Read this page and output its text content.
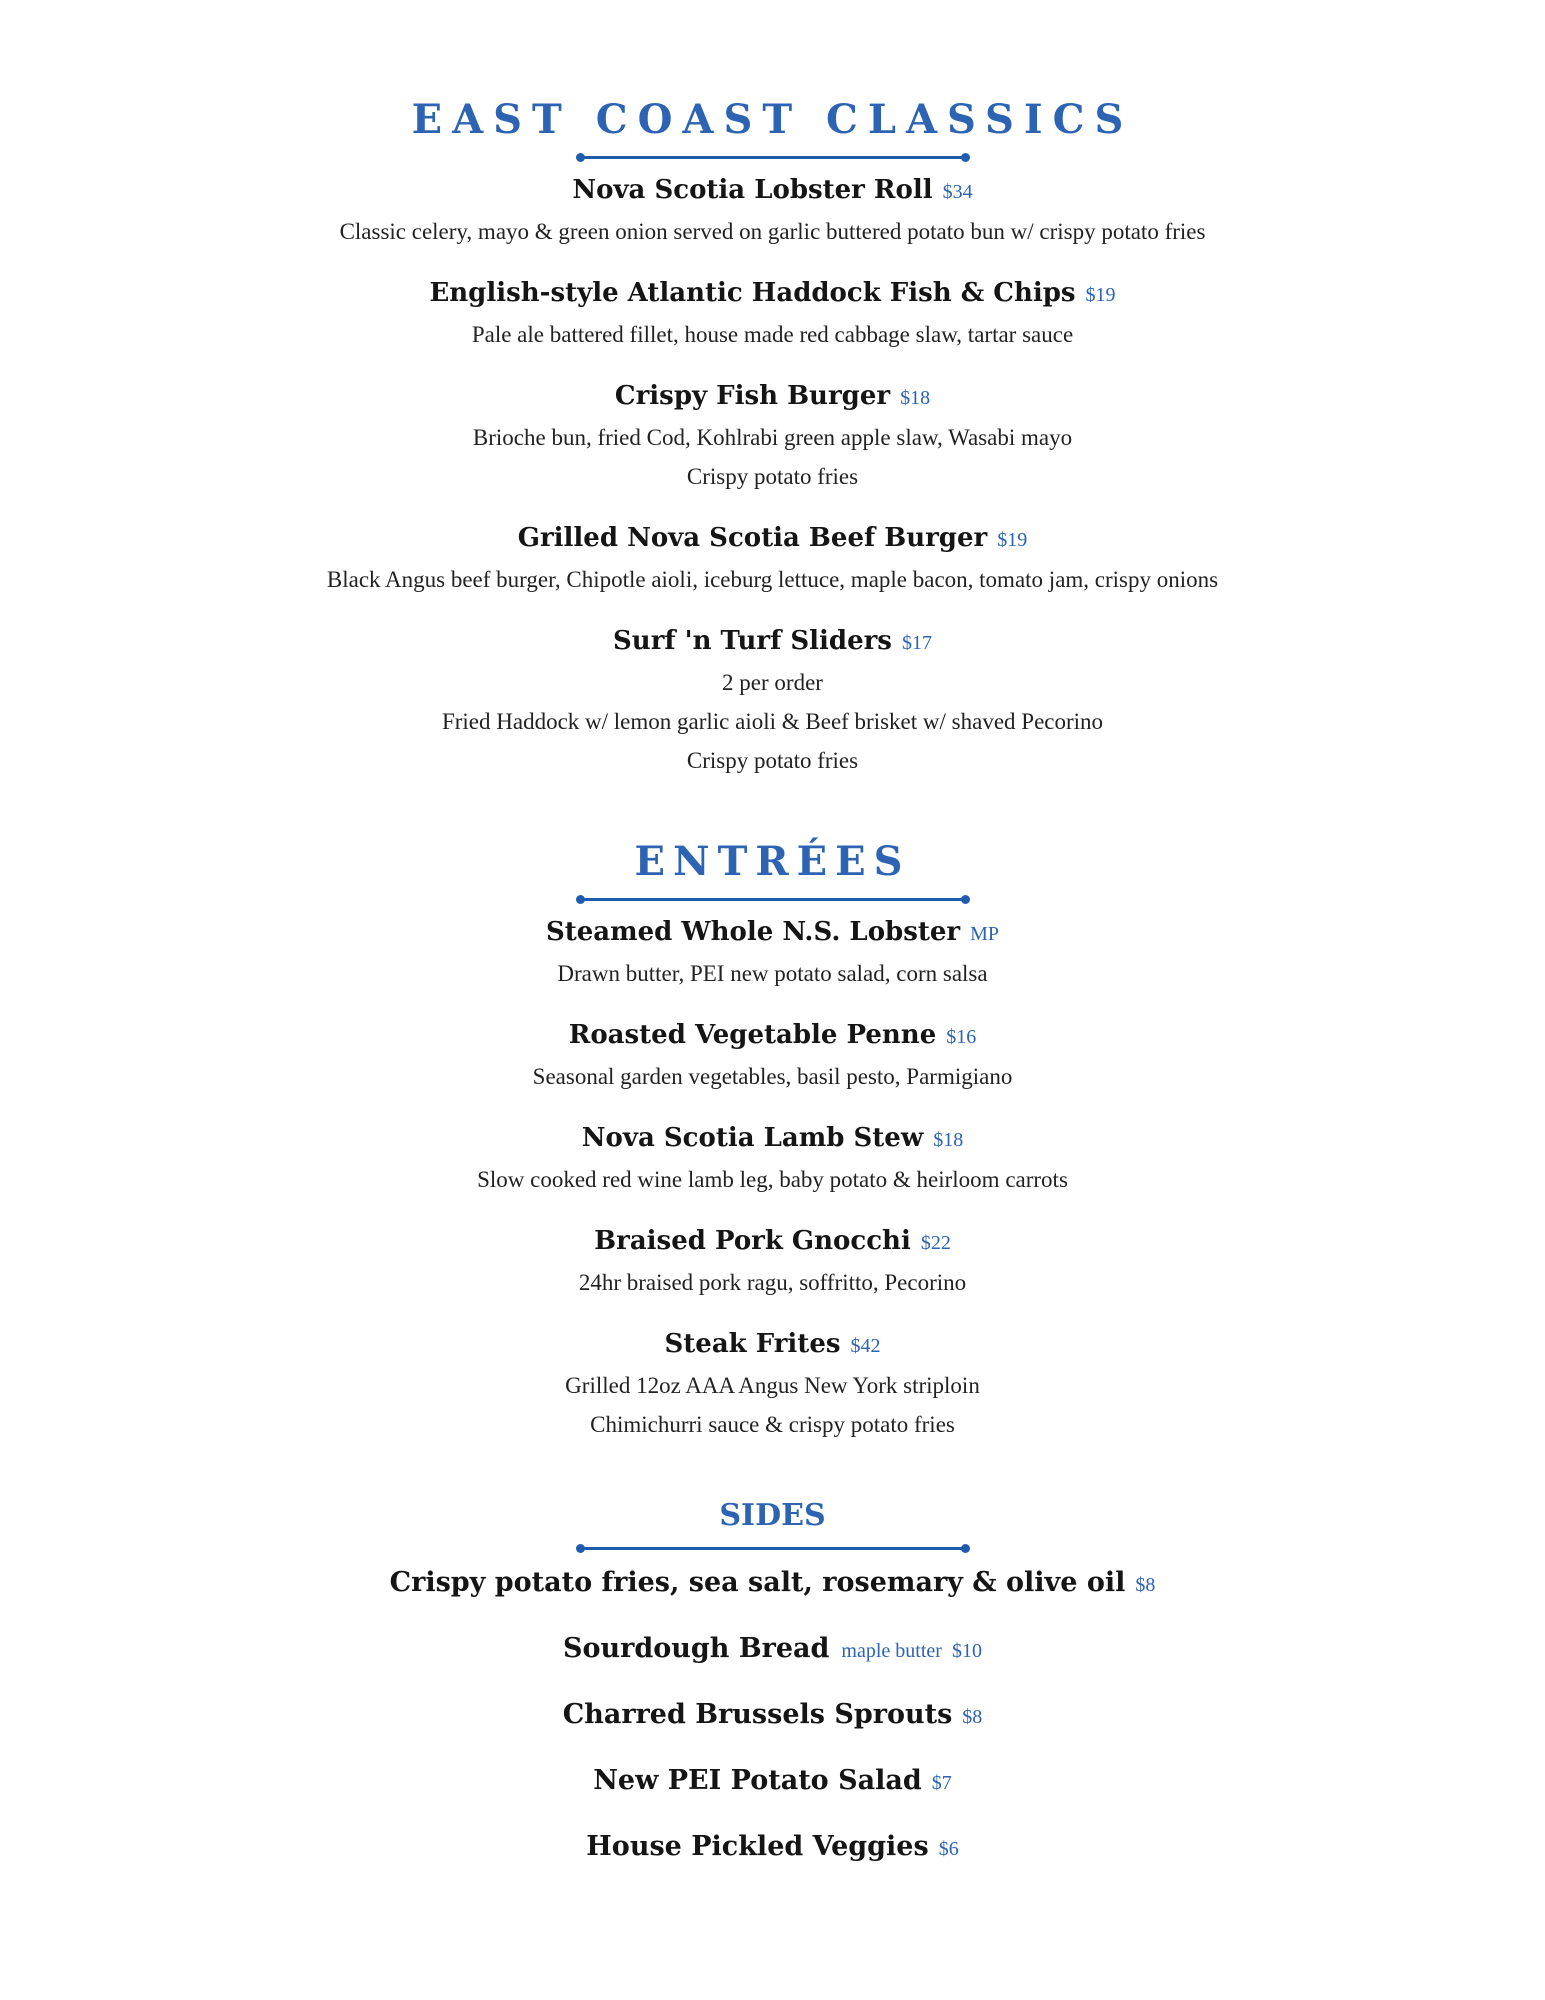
EAST COAST CLASSICS
Nova Scotia Lobster Roll $34
Classic celery, mayo & green onion served on garlic buttered potato bun w/ crispy potato fries
English-style Atlantic Haddock Fish & Chips $19
Pale ale battered fillet, house made red cabbage slaw, tartar sauce
Crispy Fish Burger $18
Brioche bun, fried Cod, Kohlrabi green apple slaw, Wasabi mayo
Crispy potato fries
Grilled Nova Scotia Beef Burger $19
Black Angus beef burger, Chipotle aioli, iceburg lettuce, maple bacon, tomato jam, crispy onions
Surf 'n Turf Sliders $17
2 per order
Fried Haddock w/ lemon garlic aioli & Beef brisket w/ shaved Pecorino
Crispy potato fries
ENTRÉES
Steamed Whole N.S. Lobster MP
Drawn butter, PEI new potato salad, corn salsa
Roasted Vegetable Penne $16
Seasonal garden vegetables, basil pesto, Parmigiano
Nova Scotia Lamb Stew $18
Slow cooked red wine lamb leg, baby potato & heirloom carrots
Braised Pork Gnocchi $22
24hr braised pork ragu, soffritto, Pecorino
Steak Frites $42
Grilled 12oz AAA Angus New York striploin
Chimichurri sauce & crispy potato fries
SIDES
Crispy potato fries, sea salt, rosemary & olive oil $8
Sourdough Bread maple butter $10
Charred Brussels Sprouts $8
New PEI Potato Salad $7
House Pickled Veggies $6
